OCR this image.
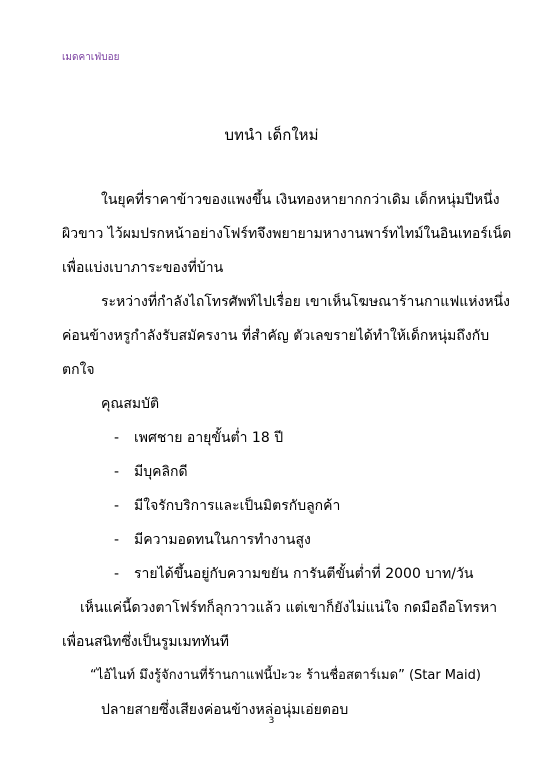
เมดคาเฟ่บอย
บทนำ เด็กใหม่
ในยุคที่ราคาข้าวของแพงขึ้น เงินทองหายากกว่าเดิม เด็กหนุ่มปีหนึ่ง
ผิวขาว ไว้ผมปรกหน้าอย่างโฟร์ทจึงพยายามหางานพาร์ทไทม์ในอินเทอร์เน็ต
เพื่อแบ่งเบาภาระของที่บ้าน
ระหว่างที่กำลังไถโทรศัพท์ไปเรื่อย เขาเห็นโฆษณาร้านกาแฟแห่งหนึ่ง
ค่อนข้างหรูกำลังรับสมัครงาน ที่สำคัญ ตัวเลขรายได้ทำให้เด็กหนุ่มถึงกับ
ตกใจ
คุณสมบัติ
- เพศชาย อายุขั้นต่ำ 18 ปี
- มีบุคลิกดี
- มีใจรักบริการและเป็นมิตรกับลูกค้า
- มีความอดทนในการทำงานสูง
- รายได้ขึ้นอยู่กับความขยัน การันตีขั้นต่ำที่ 2000 บาท/วัน
เห็นแค่นี้ดวงตาโฟร์ทก็ลุกวาวแล้ว แต่เขาก็ยังไม่แน่ใจ กดมือถือโทรหา
เพื่อนสนิทซึ่งเป็นรูมเมททันที
“ไอ้ไนท์ มึงรู้จักงานที่ร้านกาแฟนี้ป่ะวะ ร้านชื่อสตาร์เมด” (Star Maid)
ปลายสายซึ่งเสียงค่อนข้างหล่อนุ่มเอ่ยตอบ
3
